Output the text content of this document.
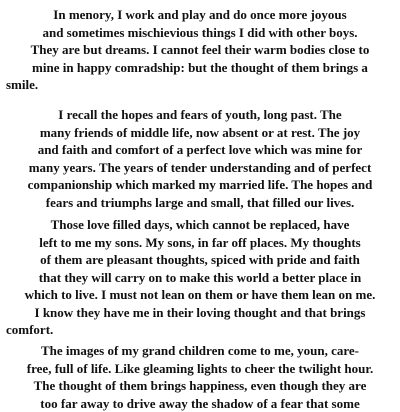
In menory, I work and play and do once more joyous
and sometimes mischievious things I did with other boys.
They are but dreams. I cannot feel their warm bodies close to
mine in happy comradship: but the thought of them brings a
smile.
I recall the hopes and fears of youth, long past. The
many friends of middle life, now absent or at rest. The joy
and faith and comfort of a perfect love which was mine for
many years. The years of tender understanding and of perfect
companionship which marked my married life. The hopes and
fears and triumphs large and small, that filled our lives.
Those love filled days, which cannot be replaced, have
left to me my sons. My sons, in far off places. My thoughts
of them are pleasant thoughts, spiced with pride and faith
that they will carry on to make this world a better place in
which to live. I must not lean on them or have them lean on me.
I know they have me in their loving thought and that brings
comfort.
The images of my grand children come to me, youn, care-
free, full of life. Like gleaming lights to cheer the twilight hour.
The thought of them brings happiness, even though they are
too far away to drive away the shadow of a fear that some
